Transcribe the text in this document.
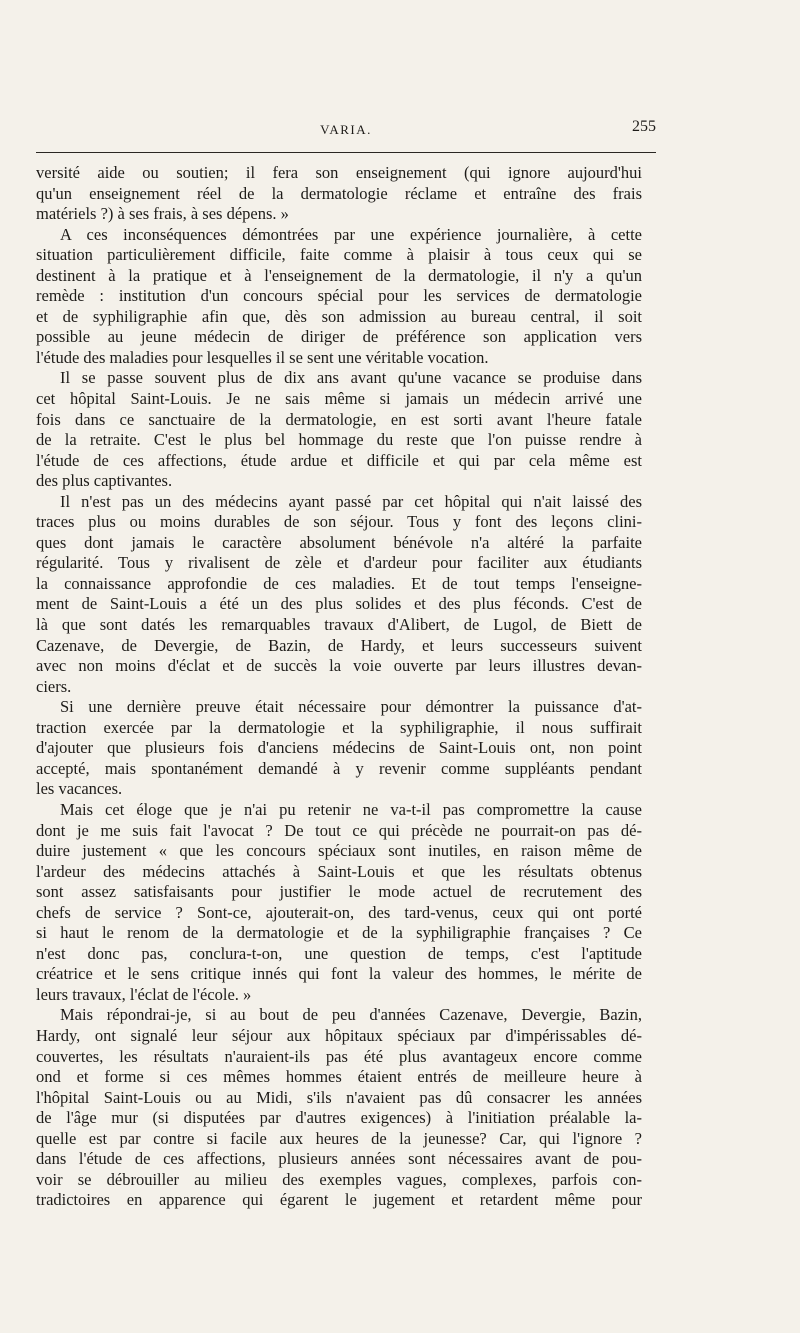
VARIA.	255
versité aide ou soutien; il fera son enseignement (qui ignore aujourd'hui
qu'un enseignement réel de la dermatologie réclame et entraîne des frais
matériels ?) à ses frais, à ses dépens. »
A ces inconséquences démontrées par une expérience journalière, à cette
situation particulièrement difficile, faite comme à plaisir à tous ceux qui se
destinent à la pratique et à l'enseignement de la dermatologie, il n'y a qu'un
remède : institution d'un concours spécial pour les services de dermatologie
et de syphiligraphie afin que, dès son admission au bureau central, il soit
possible au jeune médecin de diriger de préférence son application vers
l'étude des maladies pour lesquelles il se sent une véritable vocation.
Il se passe souvent plus de dix ans avant qu'une vacance se produise dans
cet hôpital Saint-Louis. Je ne sais même si jamais un médecin arrivé une
fois dans ce sanctuaire de la dermatologie, en est sorti avant l'heure fatale
de la retraite. C'est le plus bel hommage du reste que l'on puisse rendre à
l'étude de ces affections, étude ardue et difficile et qui par cela même est
des plus captivantes.
Il n'est pas un des médecins ayant passé par cet hôpital qui n'ait laissé des
traces plus ou moins durables de son séjour. Tous y font des leçons clini-
ques dont jamais le caractère absolument bénévole n'a altéré la parfaite
régularité. Tous y rivalisent de zèle et d'ardeur pour faciliter aux étudiants
la connaissance approfondie de ces maladies. Et de tout temps l'enseigne-
ment de Saint-Louis a été un des plus solides et des plus féconds. C'est de
là que sont datés les remarquables travaux d'Alibert, de Lugol, de Biett de
Cazenave, de Devergie, de Bazin, de Hardy, et leurs successeurs suivent
avec non moins d'éclat et de succès la voie ouverte par leurs illustres devan-
ciers.
Si une dernière preuve était nécessaire pour démontrer la puissance d'at-
traction exercée par la dermatologie et la syphiligraphie, il nous suffirait
d'ajouter que plusieurs fois d'anciens médecins de Saint-Louis ont, non point
accepté, mais spontanément demandé à y revenir comme suppléants pendant
les vacances.
Mais cet éloge que je n'ai pu retenir ne va-t-il pas compromettre la cause
dont je me suis fait l'avocat ? De tout ce qui précède ne pourrait-on pas dé-
duire justement « que les concours spéciaux sont inutiles, en raison même de
l'ardeur des médecins attachés à Saint-Louis et que les résultats obtenus
sont assez satisfaisants pour justifier le mode actuel de recrutement des
chefs de service ? Sont-ce, ajouterait-on, des tard-venus, ceux qui ont porté
si haut le renom de la dermatologie et de la syphiligraphie françaises ? Ce
n'est donc pas, conclura-t-on, une question de temps, c'est l'aptitude
créatrice et le sens critique innés qui font la valeur des hommes, le mérite de
leurs travaux, l'éclat de l'école. »
Mais répondrai-je, si au bout de peu d'années Cazenave, Devergie, Bazin,
Hardy, ont signalé leur séjour aux hôpitaux spéciaux par d'impérissables dé-
couvertes, les résultats n'auraient-ils pas été plus avantageux encore comme
ond et forme si ces mêmes hommes étaient entrés de meilleure heure à
l'hôpital Saint-Louis ou au Midi, s'ils n'avaient pas dû consacrer les années
de l'âge mur (si disputées par d'autres exigences) à l'initiation préalable la-
quelle est par contre si facile aux heures de la jeunesse? Car, qui l'ignore ?
dans l'étude de ces affections, plusieurs années sont nécessaires avant de pou-
voir se débrouiller au milieu des exemples vagues, complexes, parfois con-
tradictoires en apparence qui égarent le jugement et retardent même pour
